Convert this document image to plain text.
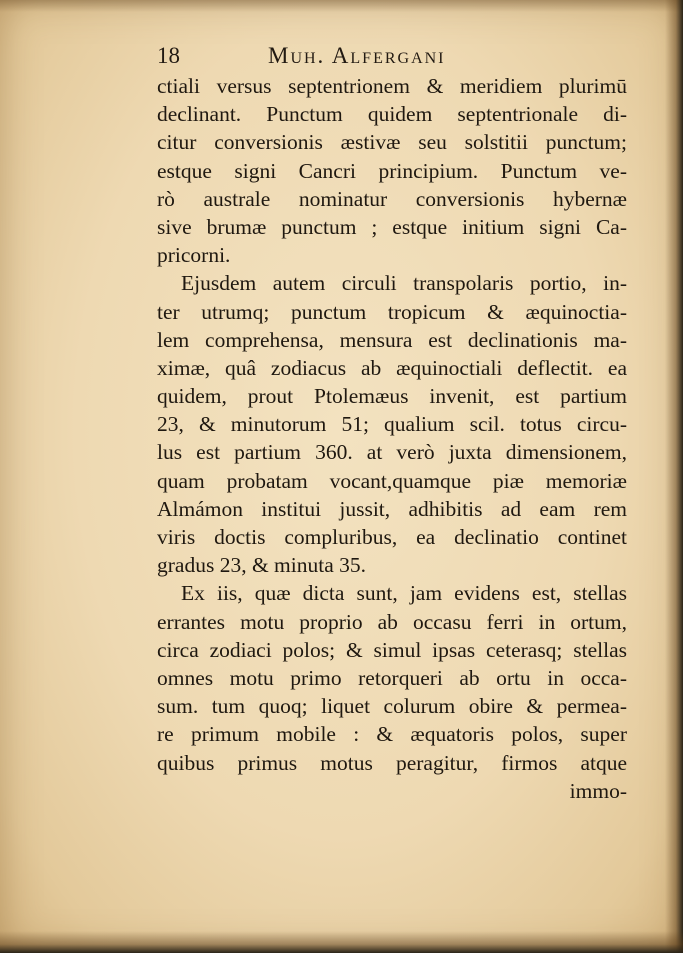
18	Muh. Alfergani
ctiali versus septentrionem & meridiem plurimū
declinant. Punctum quidem septentrionale di-
citur conversionis æstivæ seu solstitii punctum;
estque signi Cancri principium. Punctum ve-
rò australe nominatur conversionis hybernæ
sive brumæ punctum ; estque initium signi Ca-
pricorni.
Ejusdem autem circuli transpolaris portio, in-
ter utrumq; punctum tropicum & æquinoctia-
lem comprehensa, mensura est declinationis ma-
ximæ, quâ zodiacus ab æquinoctiali deflectit. ea
quidem, prout Ptolemæus invenit, est partium
23, & minutorum 51; qualium scil. totus circu-
lus est partium 360. at verò juxta dimensionem,
quam probatam vocant,quamque piæ memoriæ
Almámon institui jussit, adhibitis ad eam rem
viris doctis compluribus, ea declinatio continet
gradus 23, & minuta 35.
Ex iis, quæ dicta sunt, jam evidens est, stellas
errantes motu proprio ab occasu ferri in ortum,
circa zodiaci polos; & simul ipsas ceterasq; stellas
omnes motu primo retorqueri ab ortu in occa-
sum. tum quoq; liquet colurum obire & permea-
re primum mobile : & æquatoris polos, super
quibus primus motus peragitur, firmos atque
immo-
